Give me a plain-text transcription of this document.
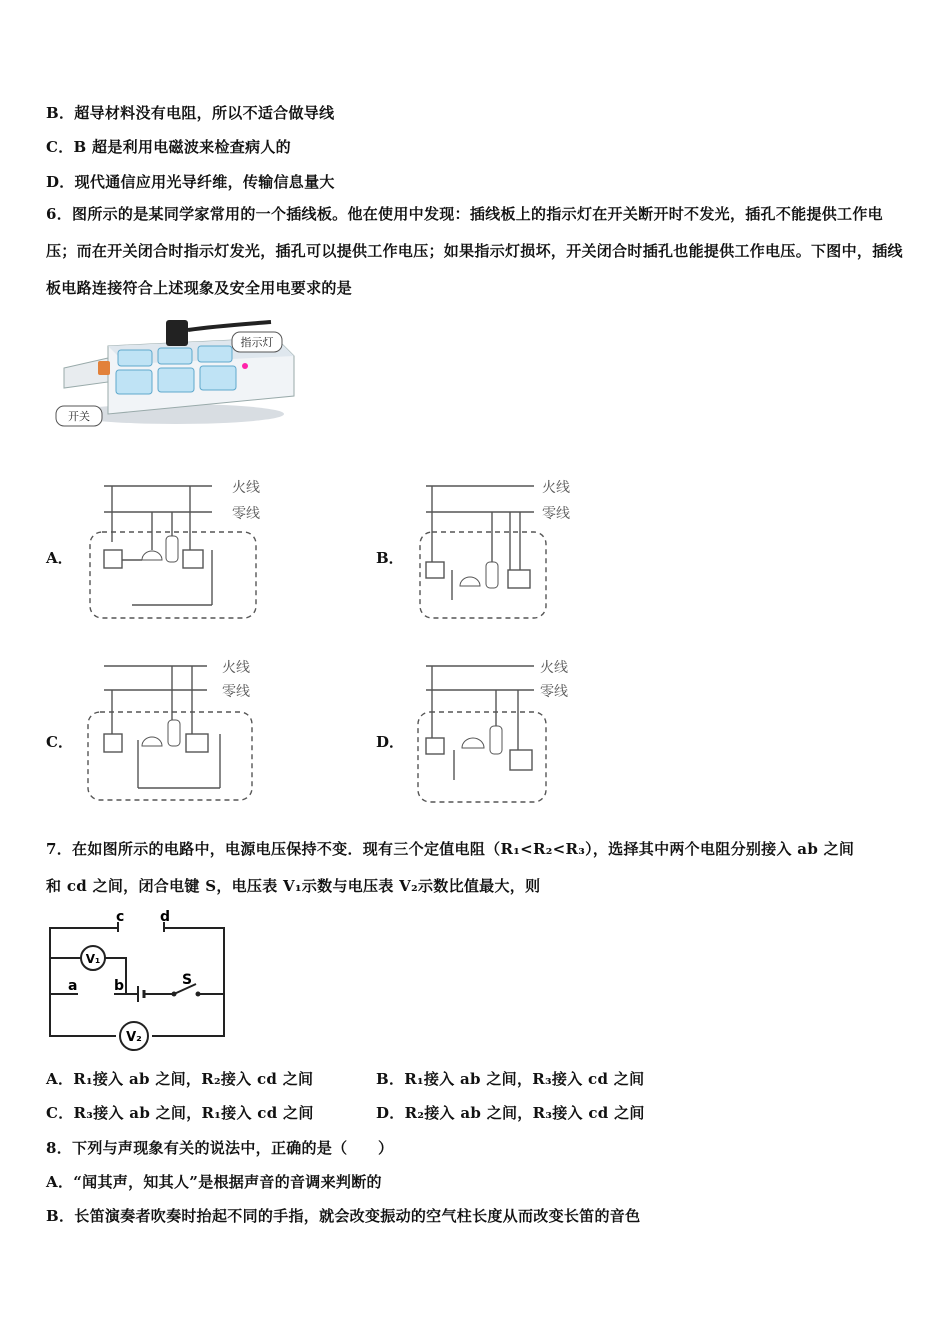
B．超导材料没有电阻，所以不适合做导线
C．B 超是利用电磁波来检查病人的
D．现代通信应用光导纤维，传输信息量大
6．图所示的是某同学家常用的一个插线板。他在使用中发现：插线板上的指示灯在开关断开时不发光，插孔不能提供工作电压；而在开关闭合时指示灯发光，插孔可以提供工作电压；如果指示灯损坏，开关闭合时插孔也能提供工作电压。下图中，插线板电路连接符合上述现象及安全用电要求的是
指示灯
开关
A．
火线
零线
B．
火线
零线
C．
火线
零线
D．
火线
零线
7．在如图所示的电路中，电源电压保持不变．现有三个定值电阻（R₁<R₂<R₃），选择其中两个电阻分别接入 ab 之间
和 cd 之间，闭合电键 S，电压表 V₁示数与电压表 V₂示数比值最大，则
c	d
a	b	S
V₁
V₂
A．R₁接入 ab 之间，R₂接入 cd 之间	B．R₁接入 ab 之间，R₃接入 cd 之间
C．R₃接入 ab 之间，R₁接入 cd 之间	D．R₂接入 ab 之间，R₃接入 cd 之间
8．下列与声现象有关的说法中，正确的是（　　）
A．“闻其声，知其人”是根据声音的音调来判断的
B．长笛演奏者吹奏时抬起不同的手指，就会改变振动的空气柱长度从而改变长笛的音色
